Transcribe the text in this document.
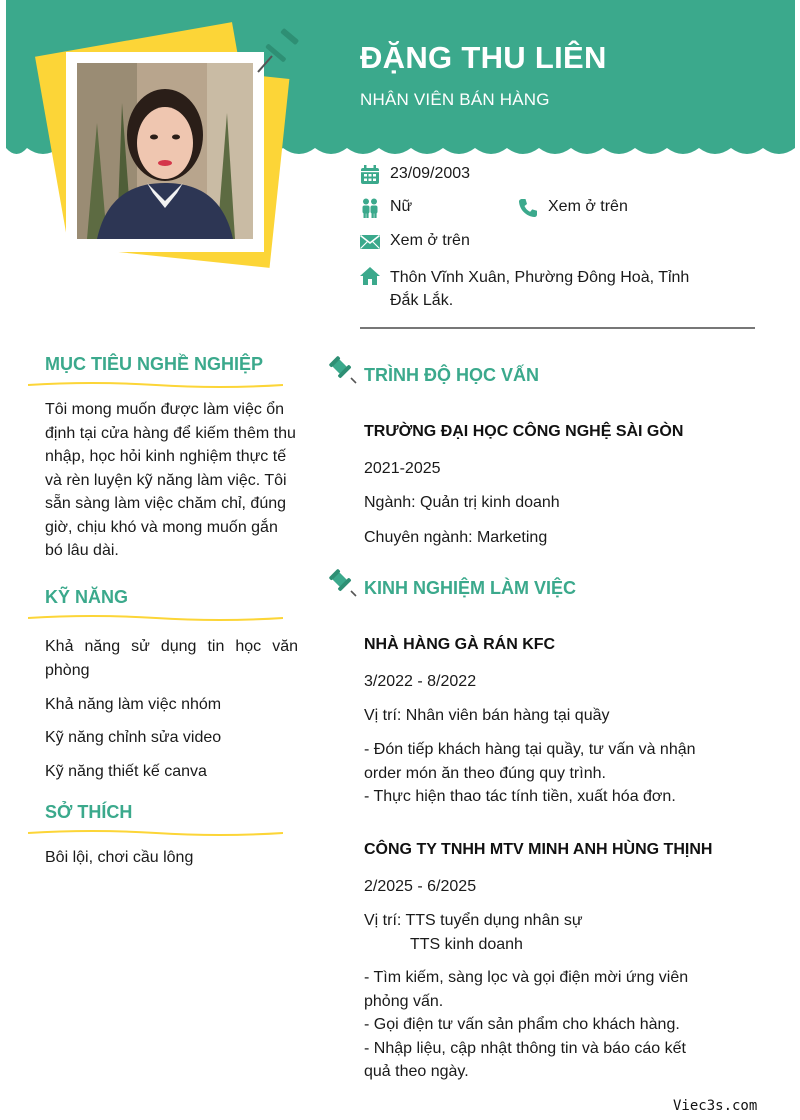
ĐẶNG THU LIÊN
NHÂN VIÊN BÁN HÀNG
23/09/2003
Nữ	Xem ở trên
Xem ở trên
Thôn Vĩnh Xuân, Phường Đông Hoà, Tỉnh
Đắk Lắk.
MỤC TIÊU NGHỀ NGHIỆP
Tôi mong muốn được làm việc ổn
định tại cửa hàng để kiếm thêm thu
nhập, học hỏi kinh nghiệm thực tế
và rèn luyện kỹ năng làm việc. Tôi
sẵn sàng làm việc chăm chỉ, đúng
giờ, chịu khó và mong muốn gắn
bó lâu dài.
KỸ NĂNG
Khả năng sử dụng tin học văn
phòng
Khả năng làm việc nhóm
Kỹ năng chỉnh sửa video
Kỹ năng thiết kế canva
SỞ THÍCH
Bôi lội, chơi cầu lông
TRÌNH ĐỘ HỌC VẤN
TRƯỜNG ĐẠI HỌC CÔNG NGHỆ SÀI GÒN
2021-2025
Ngành: Quản trị kinh doanh
Chuyên ngành: Marketing
KINH NGHIỆM LÀM VIỆC
NHÀ HÀNG GÀ RÁN KFC
3/2022 - 8/2022
Vị trí: Nhân viên bán hàng tại quầy
- Đón tiếp khách hàng tại quầy, tư vấn và nhận
order món ăn theo đúng quy trình.
- Thực hiện thao tác tính tiền, xuất hóa đơn.
CÔNG TY TNHH MTV MINH ANH HÙNG THỊNH
2/2025 - 6/2025
Vị trí: TTS tuyển dụng nhân sự
TTS kinh doanh
- Tìm kiếm, sàng lọc và gọi điện mời ứng viên
phỏng vấn.
- Gọi điện tư vấn sản phẩm cho khách hàng.
- Nhập liệu, cập nhật thông tin và báo cáo kết
quả theo ngày.
Viec3s.com
